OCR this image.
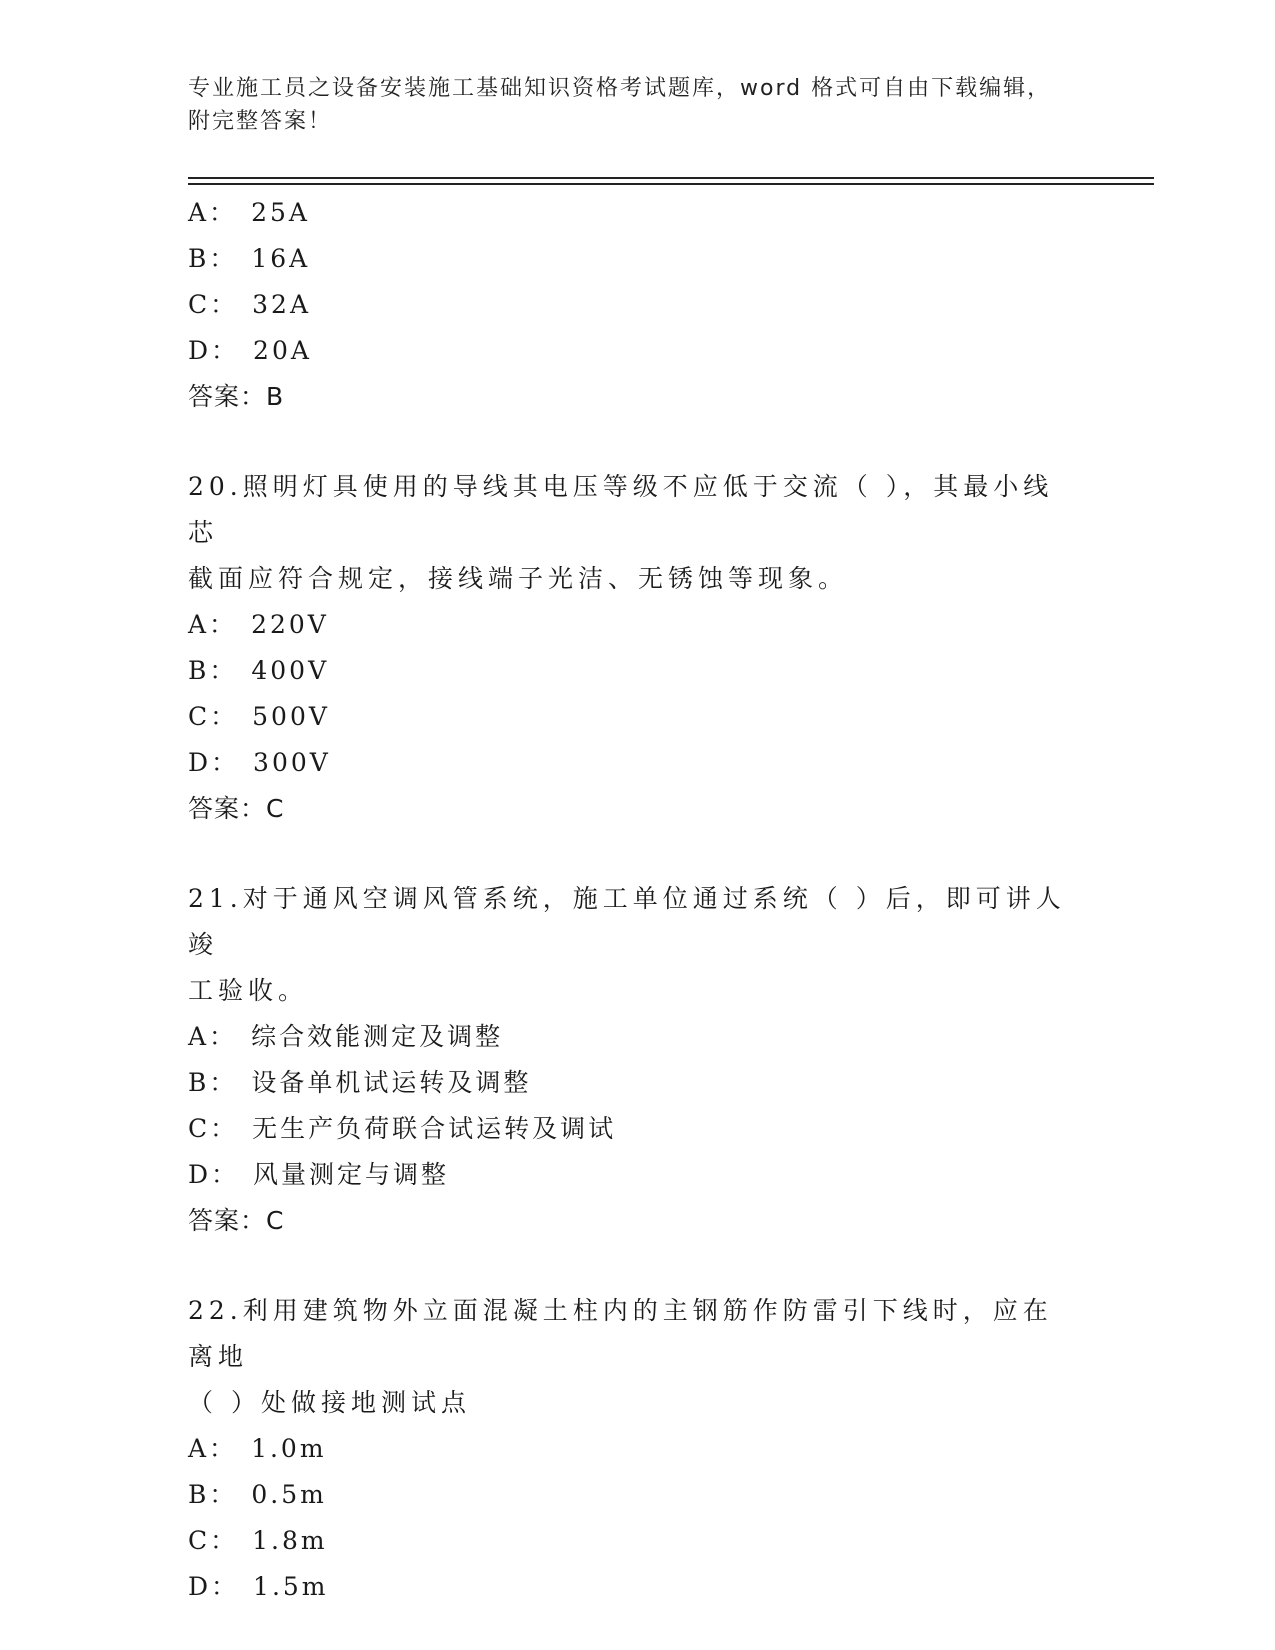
专业施工员之设备安装施工基础知识资格考试题库，word 格式可自由下载编辑，
附完整答案！
A： 25A
B： 16A
C： 32A
D： 20A
答案：B
20.照明灯具使用的导线其电压等级不应低于交流（ ），其最小线芯
截面应符合规定，接线端子光洁、无锈蚀等现象。
A： 220V
B： 400V
C： 500V
D： 300V
答案：C
21.对于通风空调风管系统，施工单位通过系统（ ）后，即可讲人竣
工验收。
A： 综合效能测定及调整
B： 设备单机试运转及调整
C： 无生产负荷联合试运转及调试
D： 风量测定与调整
答案：C
22.利用建筑物外立面混凝土柱内的主钢筋作防雷引下线时，应在离地
（ ）处做接地测试点
A： 1.0m
B： 0.5m
C： 1.8m
D： 1.5m
